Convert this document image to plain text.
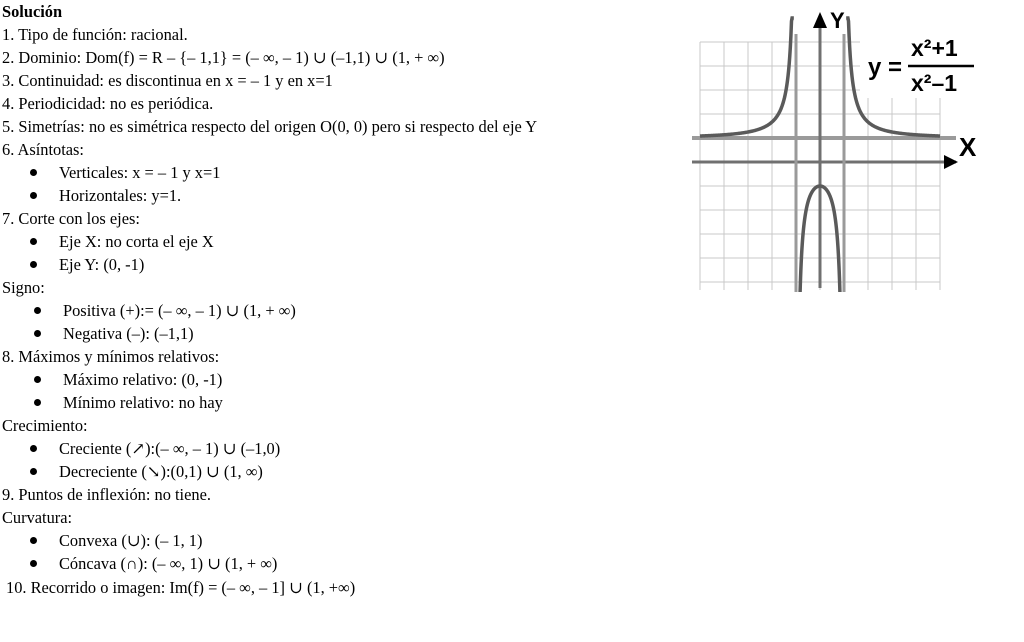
Solución
1. Tipo de función: racional.
2. Dominio: Dom(f) = R – {– 1,1} = (– ∞, – 1) ∪ (–1,1) ∪ (1, + ∞)
3. Continuidad: es discontinua en x = – 1 y en x=1
4. Periodicidad: no es periódica.
5. Simetrías: no es simétrica respecto del origen O(0, 0) pero si respecto del eje Y
6. Asíntotas:
Verticales: x = – 1 y x=1
Horizontales: y=1.
7. Corte con los ejes:
Eje X: no corta el eje X
Eje Y: (0, -1)
Signo:
Positiva (+):= (– ∞, – 1) ∪ (1, + ∞)
Negativa (–): (–1,1)
8. Máximos y mínimos relativos:
Máximo relativo: (0, -1)
Mínimo relativo: no hay
Crecimiento:
Creciente (↗):(– ∞, – 1) ∪ (–1,0)
Decreciente (↘):(0,1) ∪ (1, ∞)
9. Puntos de inflexión: no tiene.
Curvatura:
Convexa (∪): (– 1, 1)
Cóncava (∩): (– ∞, 1) ∪ (1, + ∞)
10. Recorrido o imagen: Im(f) = (– ∞, – 1] ∪ (1, +∞)
Y
X
y =
x²+1
x²–1
